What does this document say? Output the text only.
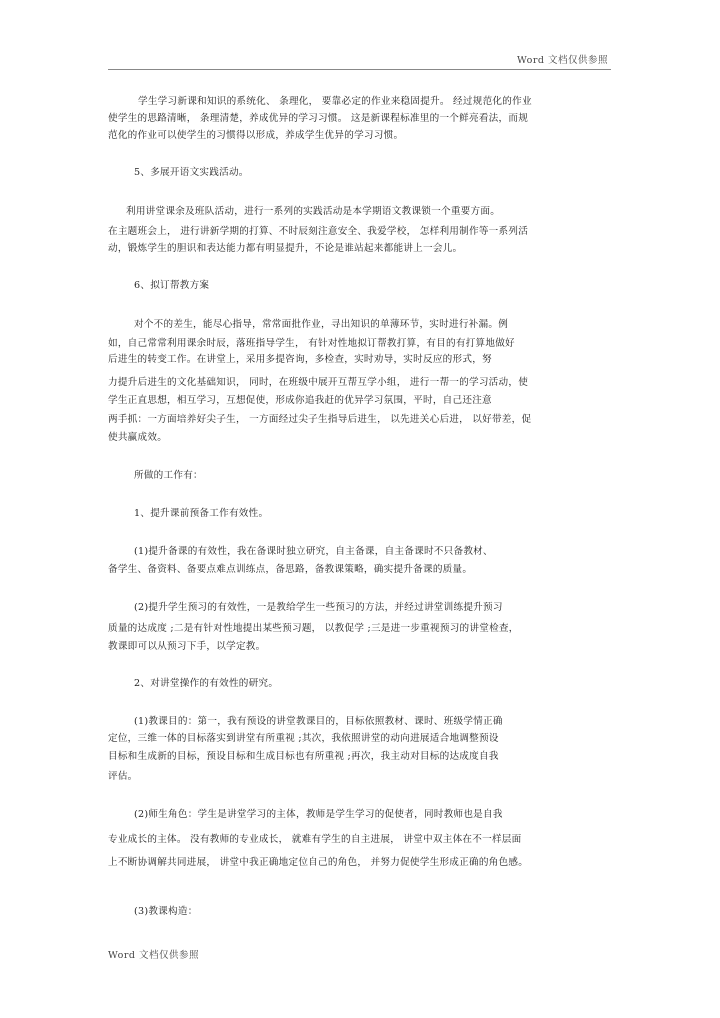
Word 文档仅供参照
学生学习新课和知识的系统化、 条理化， 要靠必定的作业来稳固提升。 经过规范化的作业
使学生的思路清晰， 条理清楚，养成优异的学习习惯。 这是新课程标准里的一个鲜亮看法，而规
范化的作业可以使学生的习惯得以形成，养成学生优异的学习习惯。
5、多展开语文实践活动。
利用讲堂课余及班队活动，进行一系列的实践活动是本学期语文教课锁一个重要方面。
在主题班会上， 进行讲新学期的打算、不时辰刻注意安全、我爱学校， 怎样利用制作等一系列活
动，锻炼学生的胆识和表达能力都有明显提升，不论是谁站起来都能讲上一会儿。
6、拟订帮教方案
对个不的差生，能尽心指导，常常面批作业，寻出知识的单薄环节，实时进行补漏。例
如，自己常常利用课余时辰，落班指导学生， 有针对性地拟订帮教打算，有目的有打算地做好
后进生的转变工作。在讲堂上，采用多提咨询，多检查，实时劝导，实时反应的形式，努
力提升后进生的文化基础知识， 同时，在班级中展开互帮互学小组， 进行一帮一的学习活动，使
学生正直思想，相互学习，互想促使，形成你追我赶的优异学习氛围，平时，自己还注意
两手抓：一方面培养好尖子生， 一方面经过尖子生指导后进生， 以先进关心后进， 以好带差，促
使共赢成效。
所做的工作有：
1、提升课前预备工作有效性。
(1)提升备课的有效性，我在备课时独立研究，自主备课，自主备课时不只备教材、
备学生、备资料、备要点难点训练点，备思路，备教课策略，确实提升备课的质量。
(2)提升学生预习的有效性，一是教给学生一些预习的方法，并经过讲堂训练提升预习
质量的达成度 ;二是有针对性地提出某些预习题， 以教促学 ;三是进一步重视预习的讲堂检查，
教课即可以从预习下手，以学定教。
2、对讲堂操作的有效性的研究。
(1)教课目的：第一，我有预设的讲堂教课目的，目标依照教材、课时、班级学情正确
定位，三维一体的目标落实到讲堂有所重视 ;其次，我依照讲堂的动向进展适合地调整预设
目标和生成新的目标，预设目标和生成目标也有所重视 ;再次，我主动对目标的达成度自我
评估。
(2)师生角色：学生是讲堂学习的主体，教师是学生学习的促使者，同时教师也是自我
专业成长的主体。 没有教师的专业成长， 就难有学生的自主进展， 讲堂中双主体在不一样层面
上不断协调解共同进展， 讲堂中我正确地定位自己的角色， 并努力促使学生形成正确的角色感。
(3)教课构造：
Word 文档仅供参照
